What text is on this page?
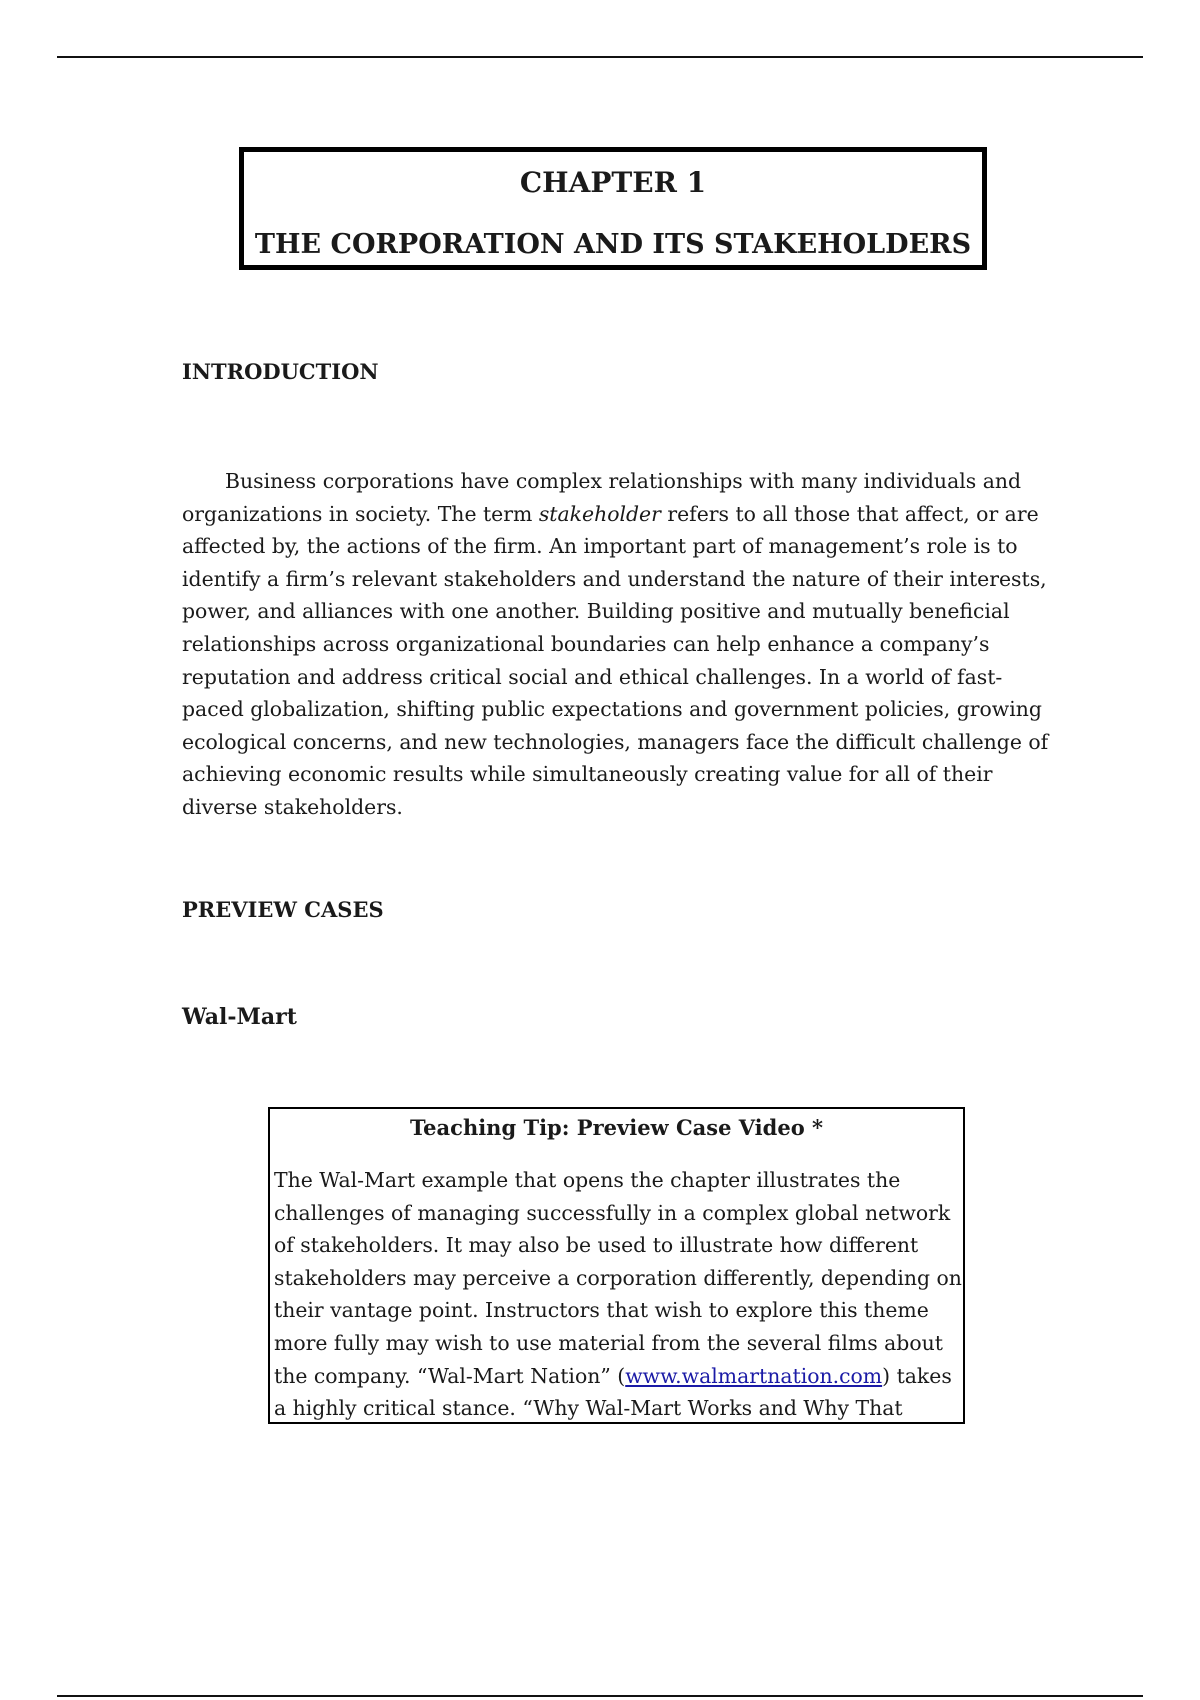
CHAPTER 1
THE CORPORATION AND ITS STAKEHOLDERS
INTRODUCTION
Business corporations have complex relationships with many individuals and
organizations in society. The term stakeholder refers to all those that affect, or are
affected by, the actions of the firm. An important part of management’s role is to
identify a firm’s relevant stakeholders and understand the nature of their interests,
power, and alliances with one another. Building positive and mutually beneficial
relationships across organizational boundaries can help enhance a company’s
reputation and address critical social and ethical challenges. In a world of fast-
paced globalization, shifting public expectations and government policies, growing
ecological concerns, and new technologies, managers face the difficult challenge of
achieving economic results while simultaneously creating value for all of their
diverse stakeholders.
PREVIEW CASES
Wal-Mart
Teaching Tip: Preview Case Video *
The Wal-Mart example that opens the chapter illustrates the
challenges of managing successfully in a complex global network
of stakeholders. It may also be used to illustrate how different
stakeholders may perceive a corporation differently, depending on
their vantage point. Instructors that wish to explore this theme
more fully may wish to use material from the several films about
the company. “Wal-Mart Nation” (www.walmartnation.com) takes
a highly critical stance. “Why Wal-Mart Works and Why That
